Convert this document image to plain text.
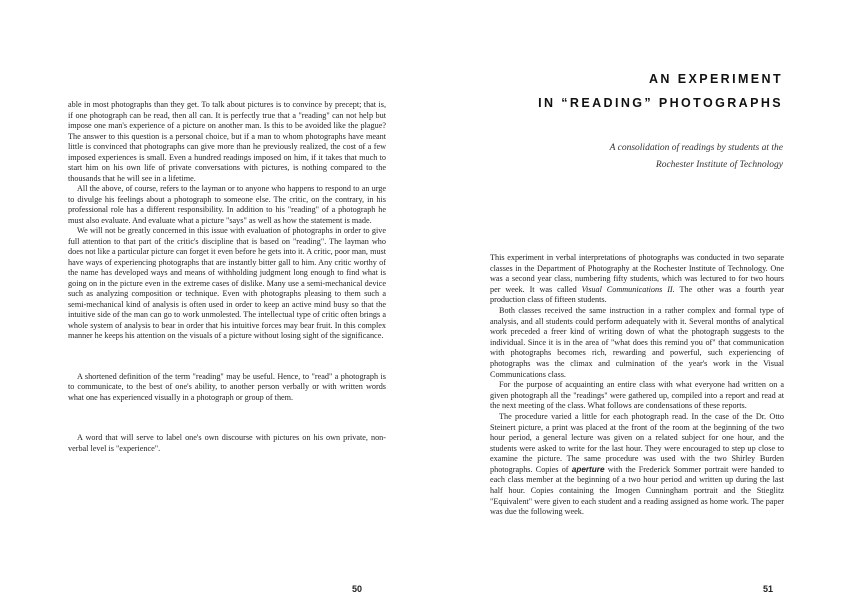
able in most photographs than they get. To talk about pictures is to convince by precept; that is, if one photograph can be read, then all can. It is perfectly true that a "reading" can not help but impose one man's experience of a picture on another man. Is this to be avoided like the plague? The answer to this question is a personal choice, but if a man to whom photographs have meant little is convinced that photographs can give more than he previously realized, the cost of a few imposed experiences is small. Even a hundred readings imposed on him, if it takes that much to start him on his own life of private conversations with pictures, is nothing compared to the thousands that he will see in a lifetime.

All the above, of course, refers to the layman or to anyone who happens to respond to an urge to divulge his feelings about a photograph to someone else. The critic, on the contrary, in his professional role has a different responsibility. In addition to his "reading" of a photograph he must also evaluate. And evaluate what a picture "says" as well as how the statement is made.

We will not be greatly concerned in this issue with evaluation of photographs in order to give full attention to that part of the critic's discipline that is based on "reading". The layman who does not like a particular picture can forget it even before he gets into it. A critic, poor man, must have ways of experiencing photographs that are instantly bitter gall to him. Any critic worthy of the name has developed ways and means of withholding judgment long enough to find what is going on in the picture even in the extreme cases of dislike. Many use a semi-mechanical device such as analyzing composition or technique. Even with photographs pleasing to them such a semi-mechanical kind of analysis is often used in order to keep an active mind busy so that the intuitive side of the man can go to work unmolested. The intellectual type of critic often brings a whole system of analysis to bear in order that his intuitive forces may bear fruit. In this complex manner he keeps his attention on the visuals of a picture without losing sight of the significance.

A shortened definition of the term "reading" may be useful. Hence, to "read" a photograph is to communicate, to the best of one's ability, to another person verbally or with written words what one has experienced visually in a photograph or group of them.

A word that will serve to label one's own discourse with pictures on his own private, non-verbal level is "experience".

50
AN EXPERIMENT
IN “READING” PHOTOGRAPHS
A consolidation of readings by students at the
Rochester Institute of Technology

This experiment in verbal interpretations of photographs was conducted in two separate classes in the Department of Photography at the Rochester Institute of Technology. One was a second year class, numbering fifty students, which was lectured to for two hours per week. It was called Visual Communications II. The other was a fourth year production class of fifteen students.

Both classes received the same instruction in a rather complex and formal type of analysis, and all students could perform adequately with it. Several months of analytical work preceded a freer kind of writing down of what the photograph suggests to the individual. Since it is in the area of "what does this remind you of" that communication with photographs becomes rich, rewarding and powerful, such experiencing of photographs was the climax and culmination of the year's work in the Visual Communications class.

For the purpose of acquainting an entire class with what everyone had written on a given photograph all the "readings" were gathered up, compiled into a report and read at the next meeting of the class. What follows are condensations of these reports.

The procedure varied a little for each photograph read. In the case of the Dr. Otto Steinert picture, a print was placed at the front of the room at the beginning of the two hour period, a general lecture was given on a related subject for one hour, and the students were asked to write for the last hour. They were encouraged to step up close to examine the picture. The same procedure was used with the two Shirley Burden photographs. Copies of aperture with the Frederick Sommer portrait were handed to each class member at the beginning of a two hour period and written up during the last half hour. Copies containing the Imogen Cunningham portrait and the Stieglitz "Equivalent" were given to each student and a reading assigned as home work. The paper was due the following week.

51
